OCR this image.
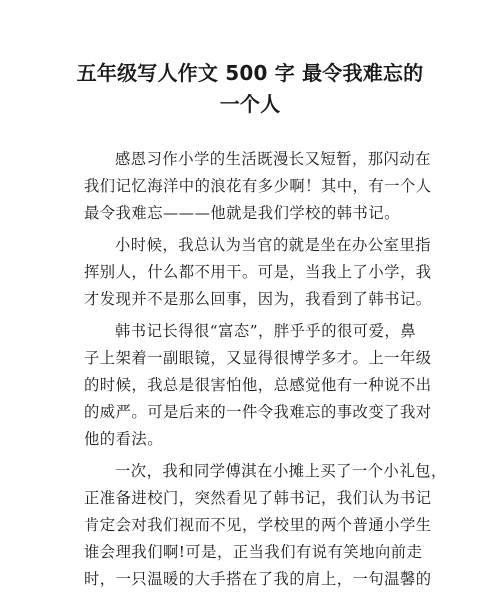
五年级写人作文 500 字 最令我难忘的
一个人

感恩习作小学的生活既漫长又短暂，那闪动在
我们记忆海洋中的浪花有多少啊！其中，有一个人
最令我难忘———他就是我们学校的韩书记。

小时候，我总认为当官的就是坐在办公室里指
挥别人，什么都不用干。可是，当我上了小学，我
才发现并不是那么回事，因为，我看到了韩书记。

韩书记长得很“富态”，胖乎乎的很可爱，鼻
子上架着一副眼镜，又显得很博学多才。上一年级
的时候，我总是很害怕他，总感觉他有一种说不出
的威严。可是后来的一件令我难忘的事改变了我对
他的看法。

一次，我和同学傅淇在小摊上买了一个小礼包，
正准备进校门，突然看见了韩书记，我们认为书记
肯定会对我们视而不见，学校里的两个普通小学生
谁会理我们啊!可是，正当我们有说有笑地向前走
时，一只温暖的大手搭在了我的肩上，一句温馨的
